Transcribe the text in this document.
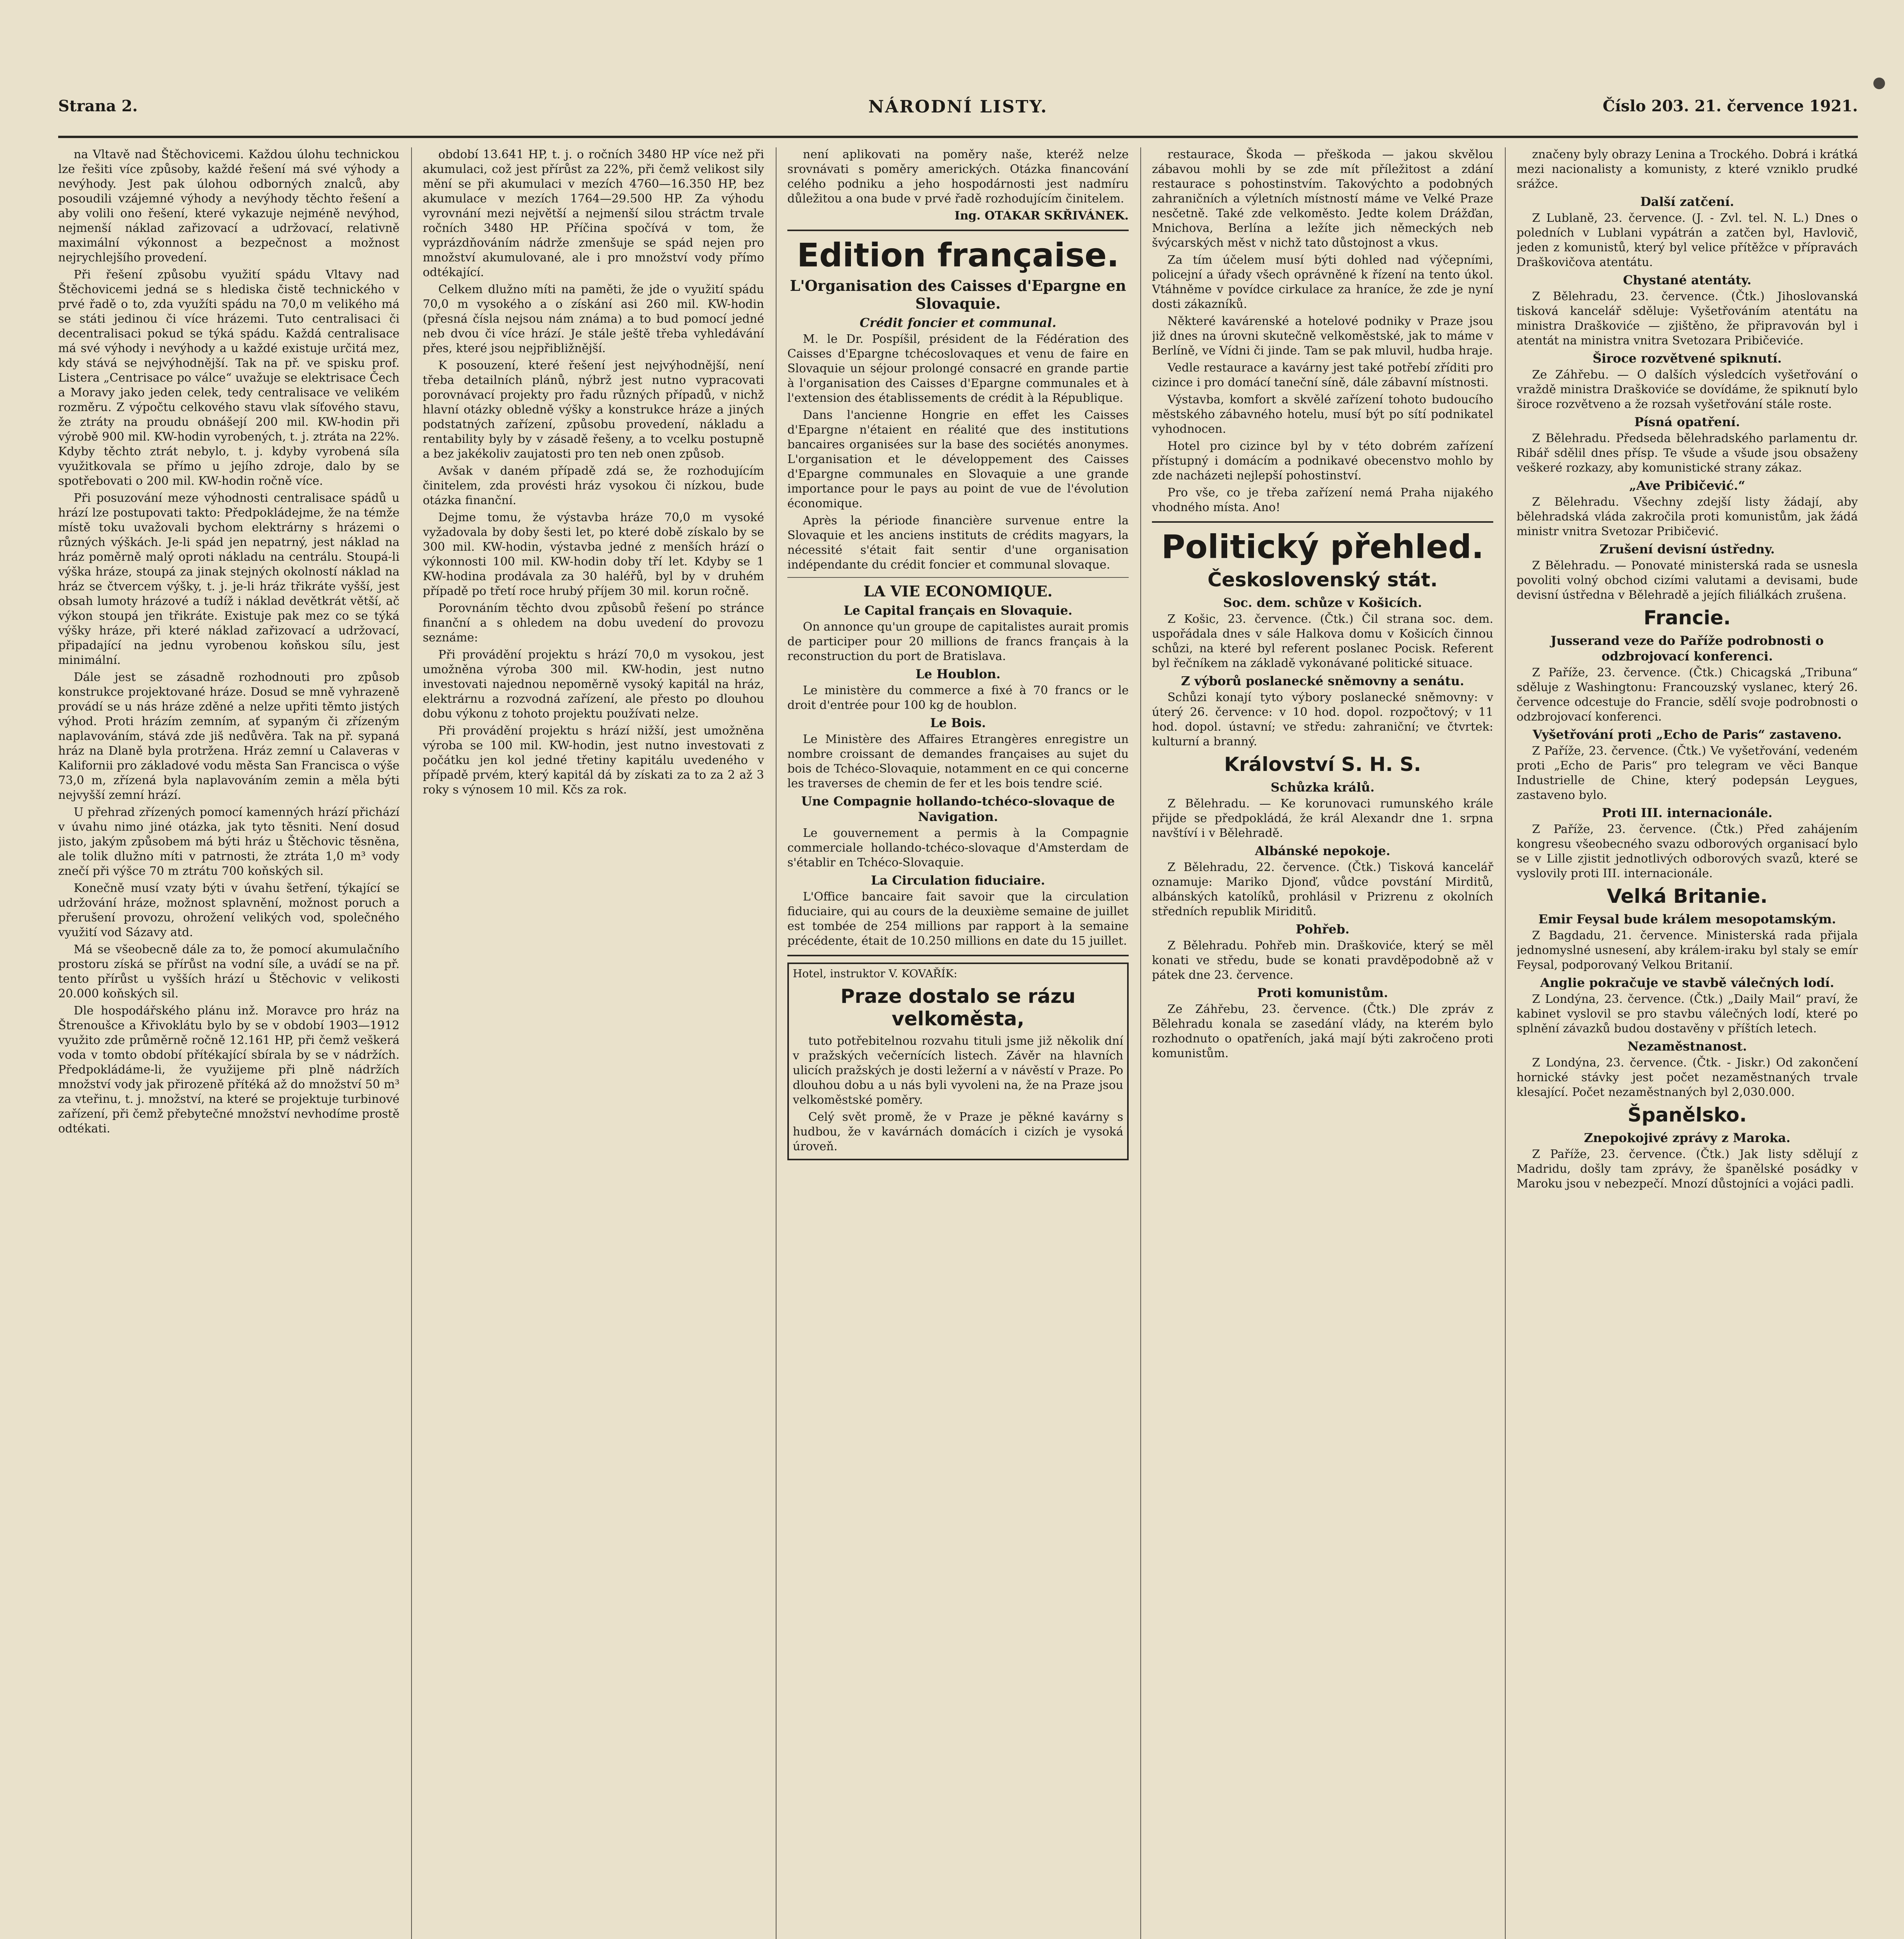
NÁRODNÍ LISTY.
Strana 2.	Číslo 203. 21. července 1921.

na Vltavě nad Štěchovicemi. Každou úlohu technickou lze řešiti více způsoby, každé řešení má své výhody a nevýhody. Jest pak úlohou odborných znalců, aby posoudili vzájemné výhody a nevýhody těchto řešení a aby volili ono řešení, které vykazuje nejméně nevýhod, nejmenší náklad zařizovací a udržovací, relativně maximální výkonnost a bezpečnost a možnost nejrychlejšího provedení.

Při řešení způsobu využití spádu Vltavy nad Štěchovicemi jedná se s hlediska čistě technického v prvé řadě o to, zda využíti spádu na 70,0 m velikého má se státi jedinou či více hrázemi. Tuto centralisaci či decentralisaci pokud se týká spádu. Každá centralisace má své výhody i nevýhody a u každé existuje určitá mez, kdy stává se nejvýhodnější. Tak na př. ve spisku prof. Listera „Centrisace po válce“ uvažuje se elektrisace Čech a Moravy jako jeden celek, tedy centralisace ve velikém rozměru. Z výpočtu celkového stavu vlak síťového stavu, že ztráty na proudu obnášejí 200 mil. KW-hodin při výrobě 900 mil. KW-hodin vyrobených, t. j. ztráta na 22%. Kdyby těchto ztrát nebylo, t. j. kdyby vyrobená síla využitkovala se přímo u jejího zdroje, dalo by se spotřebovati o 200 mil. KW-hodin ročně více.

Při posuzování meze výhodnosti centralisace spádů u hrází lze postupovati takto: Předpokládejme, že na témže místě toku uvažovali bychom elektrárny s hrázemi o různých výškách. Je-li spád jen nepatrný, jest náklad na hráz poměrně malý oproti nákladu na centrálu. Stoupá-li výška hráze, stoupá za jinak stejných okolností náklad na hráz se čtvercem výšky, t. j. je-li hráz třikráte vyšší, jest obsah lumoty hrázové a tudíž i náklad devětkrát větší, ač výkon stoupá jen třikráte. Existuje pak mez co se týká výšky hráze, při které náklad zařizovací a udržovací, připadající na jednu vyrobenou koňskou sílu, jest minimální.

Dále jest se zásadně rozhodnouti pro způsob konstrukce projektované hráze. Dosud se mně vyhrazeně provádí se u nás hráze zděné a nelze upřiti těmto jistých výhod. Proti hrázím zemním, ať sypaným či zřízeným naplavováním, stává zde jiš nedůvěra. Tak na př. sypaná hráz na Dlaně byla protržena. Hráz zemní u Calaveras v Kalifornii pro základové vodu města San Francisca o výše 73,0 m, zřízená byla naplavováním zemin a měla býti nejvyšší zemní hrází.

U přehrad zřízených pomocí kamenných hrází přichází v úvahu nimo jiné otázka, jak tyto těsniti. Není dosud jisto, jakým způsobem má býti hráz u Štěchovic těsněna, ale tolik dlužno míti v patrnosti, že ztráta 1,0 m³ vody znečí při výšce 70 m ztrátu 700 koňských sil.

Konečně musí vzaty býti v úvahu šetření, týkající se udržování hráze, možnost splavnění, možnost poruch a přerušení provozu, ohrožení velikých vod, společného využití vod Sázavy atd.

Má se všeobecně dále za to, že pomocí akumulačního prostoru získá se přírůst na vodní síle, a uvádí se na př. tento přírůst u vyšších hrází u Štěchovic v velikosti 20.000 koňských sil.

Dle hospodářského plánu inž. Moravce pro hráz na Štrenoušce a Křivoklátu bylo by se v období 1903—1912 využito zde průměrně ročně 12.161 HP, při čemž veškerá voda v tomto období přítékající sbírala by se v nádržích. Předpokládáme-li, že využijeme při plně nádržích množství vody jak přirozeně přítéká až do množství 50 m³ za vteřinu, t. j. množství, na které se projektuje turbinové zařízení, při čemž přebytečné množství nevhodíme prostě odtékati.

období 13.641 HP, t. j. o ročních 3480 HP více než při akumulaci, což jest přírůst za 22%, při čemž velikost sily mění se při akumulaci v mezích 4760—16.350 HP, bez akumulace v mezích 1764—29.500 HP. Za výhodu vyrovnání mezi největší a nejmenší silou stráctm trvale ročních 3480 HP. Příčina spočívá v tom, že vyprázdňováním nádrže zmenšuje se spád nejen pro množství akumulované, ale i pro množství vody přímo odtékající.

Celkem dlužno míti na paměti, že jde o využití spádu 70,0 m vysokého a o získání asi 260 mil. KW-hodin (přesná čísla nejsou nám známa) a to bud pomocí jedné neb dvou či více hrází. Je stále ještě třeba vyhledávání přes, které jsou nejpřibližnější.

K posouzení, které řešení jest nejvýhodnější, není třeba detailních plánů, nýbrž jest nutno vypracovati porovnávací projekty pro řadu různých případů, v nichž hlavní otázky obledně výšky a konstrukce hráze a jiných podstatných zařízení, způsobu provedení, nákladu a rentability byly by v zásadě řešeny, a to vcelku postupně a bez jakékoliv zaujatosti pro ten neb onen způsob.

Avšak v daném případě zdá se, že rozhodujícím činitelem, zda provésti hráz vysokou či nízkou, bude otázka finanční.

Dejme tomu, že výstavba hráze 70,0 m vysoké vyžadovala by doby šesti let, po které době získalo by se 300 mil. KW-hodin, výstavba jedné z menších hrází o výkonnosti 100 mil. KW-hodin doby tří let. Kdyby se 1 KW-hodina prodávala za 30 haléřů, byl by v druhém případě po třetí roce hrubý příjem 30 mil. korun ročně.

Porovnáním těchto dvou způsobů řešení po stránce finanční a s ohledem na dobu uvedení do provozu seznáme:

Při provádění projektu s hrází 70,0 m vysokou, jest umožněna výroba 300 mil. KW-hodin, jest nutno investovati najednou nepoměrně vysoký kapitál na hráz, elektrárnu a rozvodná zařízení, ale přesto po dlouhou dobu výkonu z tohoto projektu používati nelze.

Při provádění projektu s hrází nižší, jest umožněna výroba se 100 mil. KW-hodin, jest nutno investovati z počátku jen kol jedné třetiny kapitálu uvedeného v případě prvém, který kapitál dá by získati za to za 2 až 3 roky s výnosem 10 mil. Kčs za rok.

není aplikovati na poměry naše, kteréž nelze srovnávati s poměry amerických. Otázka financování celého podniku a jeho hospodárnosti jest nadmíru důležitou a ona bude v prvé řadě rozhodujícím činitelem.

Ing. OTAKAR SKŘIVÁNEK.

Edition française.
L'Organisation des Caisses d'Epargne en Slovaquie.
Crédit foncier et communal.

M. le Dr. Pospíšil, président de la Fédération des Caisses d'Epargne tchécoslovaques et venu de faire en Slovaquie un séjour prolongé consacré en grande partie à l'organisation des Caisses d'Epargne communales et à l'extension des établissements de crédit à la République.

Dans l'ancienne Hongrie en effet les Caisses d'Epargne n'étaient en réalité que des institutions bancaires organisées sur la base des sociétés anonymes. L'organisation et le développement des Caisses d'Epargne communales en Slovaquie a une grande importance pour le pays au point de vue de l'évolution économique.

Après la période financière survenue entre la Slovaquie et les anciens instituts de crédits magyars, la nécessité s'était fait sentir d'une organisation indépendante du crédit foncier et communal slovaque.

LA VIE ECONOMIQUE.
Le Capital français en Slovaquie.

On annonce qu'un groupe de capitalistes aurait promis de participer pour 20 millions de francs français à la reconstruction du port de Bratislava.

Le Houblon.

Le ministère du commerce a fixé à 70 francs or le droit d'entrée pour 100 kg de houblon.

Le Bois.

Le Ministère des Affaires Etrangères enregistre un nombre croissant de demandes françaises au sujet du bois de Tchéco-Slovaquie, notamment en ce qui concerne les traverses de chemin de fer et les bois tendre scié.

Une Compagnie hollando-tchéco-slovaque de Navigation.

Le gouvernement a permis à la Compagnie commerciale hollando-tchéco-slovaque d'Amsterdam de s'établir en Tchéco-Slovaquie.

La Circulation fiduciaire.

L'Office bancaire fait savoir que la circulation fiduciaire, qui au cours de la deuxième semaine de juillet est tombée de 254 millions par rapport à la semaine précédente, était de 10.250 millions en date du 15 juillet.

Hotel, instruktor V. KOVAŘÍK:
Praze dostalo se rázu velkoměsta,

tuto potřebitelnou rozvahu tituli jsme již několik dní v pražských večernících listech. Závěr na hlavních ulicích pražských je dosti ležerní a v návěstí v Praze. Po dlouhou dobu a u nás byli vyvoleni na, že na Praze jsou velkoměstské poměry.

Celý svět promě, že v Praze je pěkné kavárny s hudbou, že v kavárnách domácích i cizích je vysoká úroveň.

restaurace, Škoda — přeškoda — jakou skvělou zábavou mohli by se zde mít příležitost a zdání restaurace s pohostinstvím. Takovýchto a podobných zahraničních a výletních místností máme ve Velké Praze nesčetně. Také zde velkoměsto. Jedte kolem Drážďan, Mnichova, Berlína a ležíte jich německých neb švýcarských měst v nichž tato důstojnost a vkus.

Za tím účelem musí býti dohled nad výčepními, policejní a úřady všech oprávněné k řízení na tento úkol. Vtáhněme v povídce cirkulace za hraníce, že zde je nyní dosti zákazníků.

Některé kavárenské a hotelové podniky v Praze jsou již dnes na úrovni skutečně velkoměstské, jak to máme v Berlíně, ve Vídni či jinde. Tam se pak mluvil, hudba hraje.

Vedle restaurace a kavárny jest také potřebí zříditi pro cizince i pro domácí taneční síně, dále zábavní místnosti.

Výstavba, komfort a skvělé zařízení tohoto budoucího městského zábavného hotelu, musí být po sítí podnikatel vyhodnocen.

Hotel pro cizince byl by v této dobrém zařízení přístupný i domácím a podnikavé obecenstvo mohlo by zde nacházeti nejlepší pohostinství.

Pro vše, co je třeba zařízení nemá Praha nijakého vhodného místa. Ano!

Politický přehled.
Československý stát.
Soc. dem. schůze v Košicích.

Z Košic, 23. července. (Čtk.) Čil strana soc. dem. uspořádala dnes v sále Halkova domu v Košicích činnou schůzi, na které byl referent poslanec Pocisk. Referent byl řečníkem na základě vykonávané politické situace.

Z výborů poslanecké sněmovny a senátu.

Schůzi konají tyto výbory poslanecké sněmovny: v úterý 26. července: v 10 hod. dopol. rozpočtový; v 11 hod. dopol. ústavní; ve středu: zahraniční; ve čtvrtek: kulturní a branný.

Království S. H. S.
Schůzka králů.

Z Bělehradu. — Ke korunovaci rumunského krále přijde se předpokládá, že král Alexandr dne 1. srpna navštíví i v Bělehradě.

Albánské nepokoje.

Z Bělehradu, 22. července. (Čtk.) Tisková kancelář oznamuje: Mariko Djonď, vůdce povstání Mirditů, albánských katolíků, prohlásil v Prizrenu z okolních středních republik Miriditů.

Pohřeb.

Z Bělehradu. Pohřeb min. Draškoviće, který se měl konati ve středu, bude se konati pravděpodobně až v pátek dne 23. července.

Proti komunistům.

Ze Záhřebu, 23. července. (Čtk.) Dle zpráv z Bělehradu konala se zasedání vlády, na kterém bylo rozhodnuto o opatřeních, jaká mají býti zakročeno proti komunistům.

značeny byly obrazy Lenina a Trockého. Dobrá i krátká mezi nacionalisty a komunisty, z které vzniklo prudké srážce.

Další zatčení.

Z Lublaně, 23. července. (J. - Zvl. tel. N. L.) Dnes o poledních v Lublani vypátrán a zatčen byl, Havlovič, jeden z komunistů, který byl velice přítěžce v přípravách Draškovičova atentátu.

Chystané atentáty.

Z Bělehradu, 23. července. (Čtk.) Jihoslovanská tisková kancelář sděluje: Vyšetřováním atentátu na ministra Draškoviće — zjištěno, že připravován byl i atentát na ministra vnitra Svetozara Pribičeviće.

Široce rozvětvené spiknutí.

Ze Záhřebu. — O dalších výsledcích vyšetřování o vraždě ministra Draškoviće se dovídáme, že spiknutí bylo široce rozvětveno a že rozsah vyšetřování stále roste.

Písná opatření.

Z Bělehradu. Předseda bělehradského parlamentu dr. Ribář sdělil dnes přísp. Te všude a všude jsou obsaženy veškeré rozkazy, aby komunistické strany zákaz.

„Ave Pribičević.“

Z Bělehradu. Všechny zdejší listy žádají, aby bělehradská vláda zakročila proti komunistům, jak žádá ministr vnitra Svetozar Pribičević.

Zrušení devisní ústředny.

Z Bělehradu. — Ponovaté ministerská rada se usnesla povoliti volný obchod cizími valutami a devisami, bude devisní ústředna v Bělehradě a jejích filiálkách zrušena.

Francie.
Jusserand veze do Paříže podrobnosti o odzbrojovací konferenci.

Z Paříže, 23. července. (Čtk.) Chicagská „Tribuna“ sděluje z Washingtonu: Francouzský vyslanec, který 26. července odcestuje do Francie, sdělí svoje podrobnosti o odzbrojovací konferenci.

Vyšetřování proti „Echo de Paris“ zastaveno.

Z Paříže, 23. července. (Čtk.) Ve vyšetřování, vedeném proti „Echo de Paris“ pro telegram ve věci Banque Industrielle de Chine, který podepsán Leygues, zastaveno bylo.

Proti III. internacionále.

Z Paříže, 23. července. (Čtk.) Před zahájením kongresu všeobecného svazu odborových organisací bylo se v Lille zjistit jednotlivých odborových svazů, které se vyslovily proti III. internacionále.

Velká Britanie.
Emir Feysal bude králem mesopotamským.

Z Bagdadu, 21. července. Ministerská rada přijala jednomyslné usnesení, aby králem-iraku byl staly se emír Feysal, podporovaný Velkou Britanií.

Anglie pokračuje ve stavbě válečných lodí.

Z Londýna, 23. července. (Čtk.) „Daily Mail“ praví, že kabinet vyslovil se pro stavbu válečných lodí, které po splnění závazků budou dostavěny v příštích letech.

Nezaměstnanost.

Z Londýna, 23. července. (Čtk. - Jiskr.) Od zakončení hornické stávky jest počet nezaměstnaných trvale klesající. Počet nezaměstnaných byl 2,030.000.

Španělsko.
Znepokojivé zprávy z Maroka.

Z Paříže, 23. července. (Čtk.) Jak listy sdělují z Madridu, došly tam zprávy, že španělské posádky v Maroku jsou v nebezpečí. Mnozí důstojníci a vojáci padli.
